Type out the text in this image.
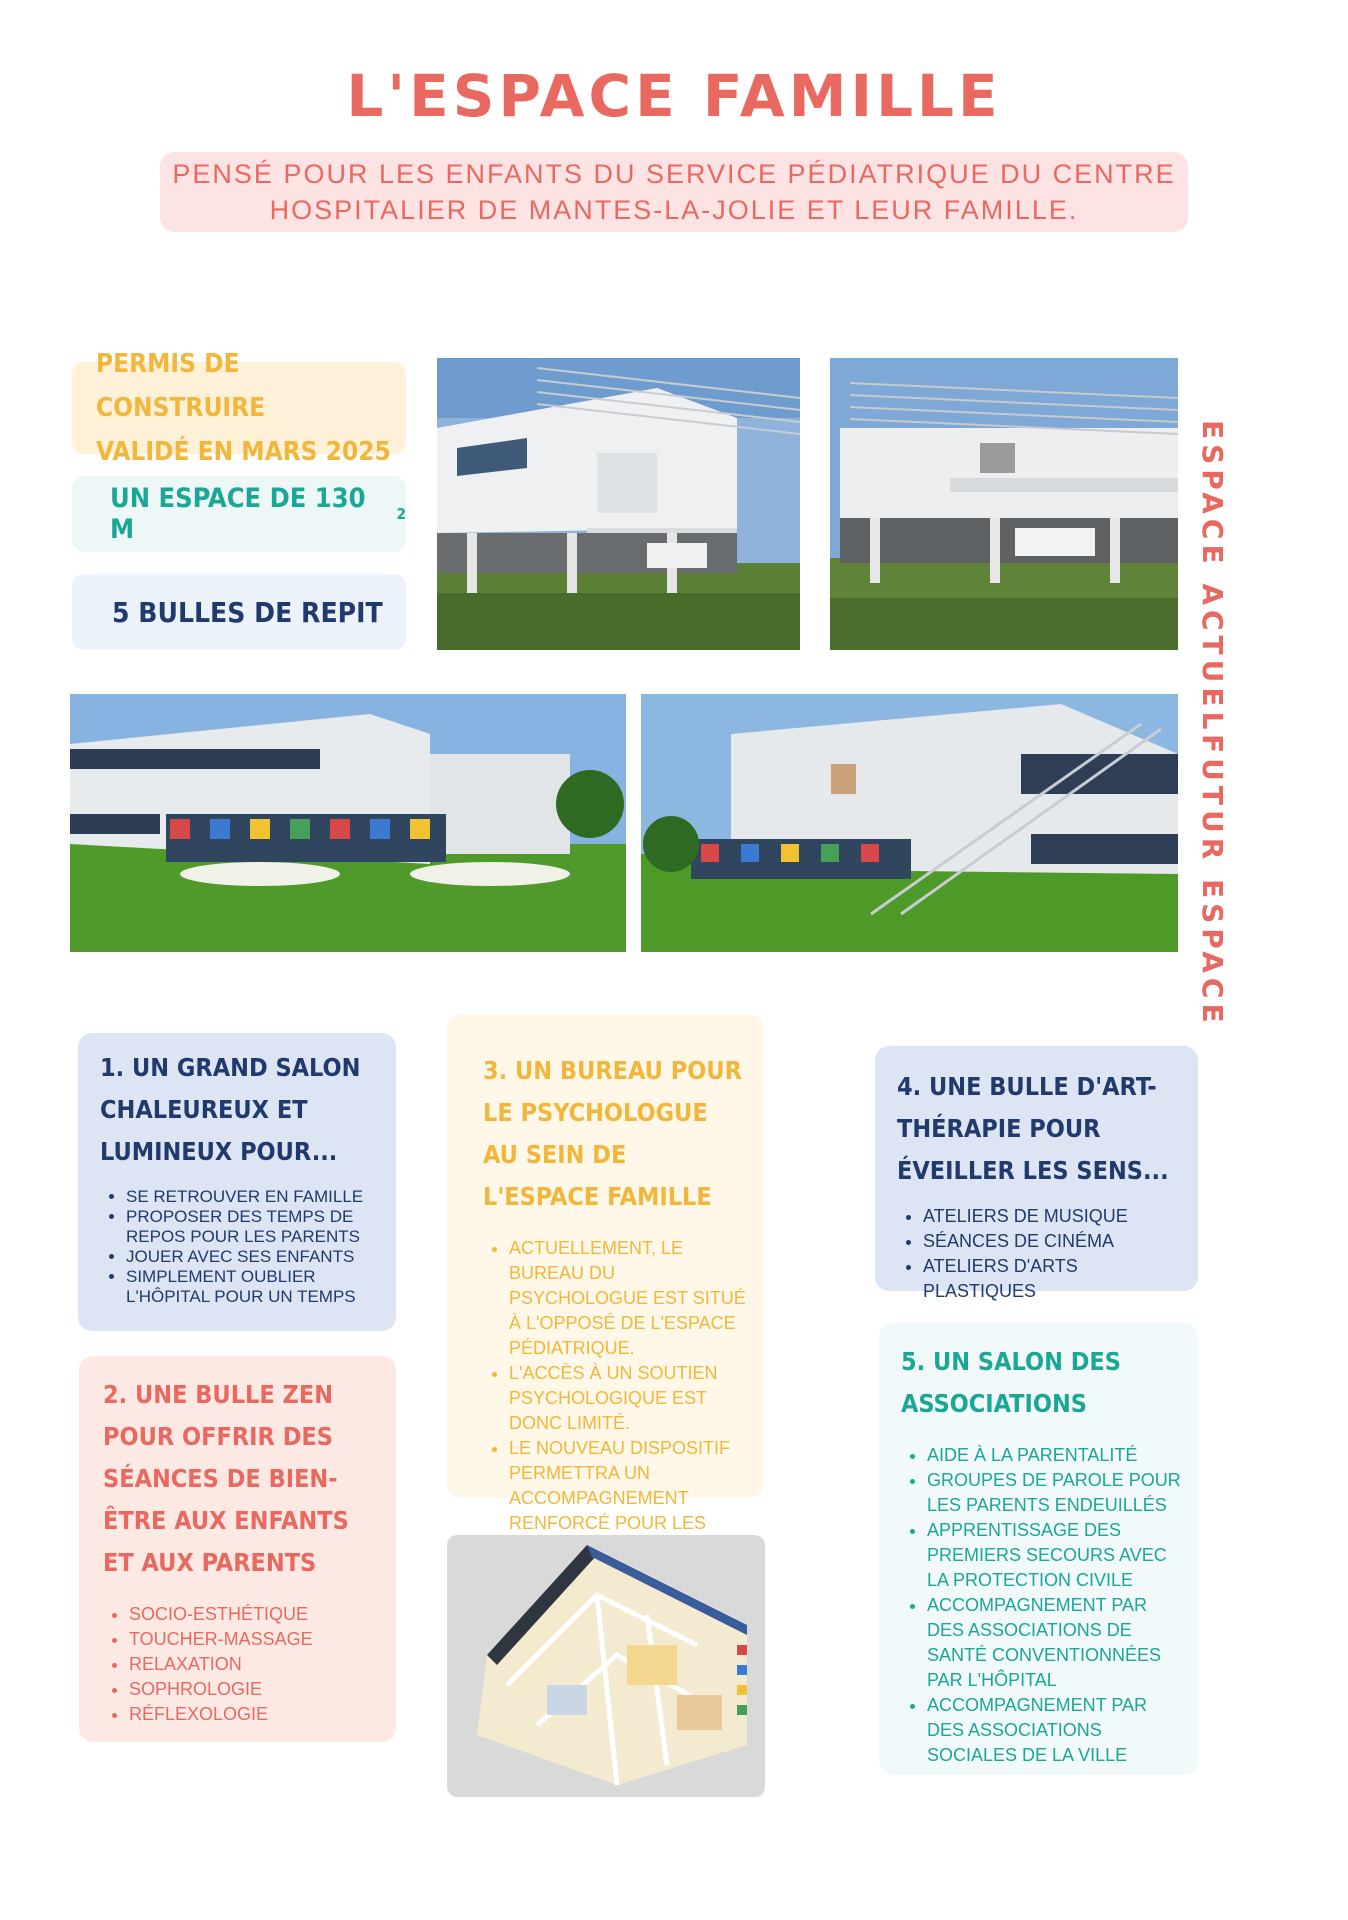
L'ESPACE FAMILLE
PENSÉ POUR LES ENFANTS DU SERVICE PÉDIATRIQUE DU CENTRE
HOSPITALIER DE MANTES-LA-JOLIE ET LEUR FAMILLE.
PERMIS DE CONSTRUIRE
VALIDÉ EN MARS 2025
UN ESPACE DE 130 M	2
5 BULLES DE REPIT	ESPACE ACTUEL
FUTUR ESPACE
1. UN GRAND SALON CHALEUREUX ET LUMINEUX POUR...
• SE RETROUVER EN FAMILLE
• PROPOSER DES TEMPS DE REPOS POUR LES PARENTS
• JOUER AVEC SES ENFANTS
• SIMPLEMENT OUBLIER L'HÔPITAL POUR UN TEMPS
2. UNE BULLE ZEN POUR OFFRIR DES SÉANCES DE BIEN-ÊTRE AUX ENFANTS ET AUX PARENTS
• SOCIO-ESTHÉTIQUE
• TOUCHER-MASSAGE
• RELAXATION
• SOPHROLOGIE
• RÉFLEXOLOGIE
3. UN BUREAU POUR LE PSYCHOLOGUE AU SEIN DE L'ESPACE FAMILLE
• ACTUELLEMENT, LE BUREAU DU PSYCHOLOGUE EST SITUÉ À L'OPPOSÉ DE L'ESPACE PÉDIATRIQUE.
• L'ACCÈS À UN SOUTIEN PSYCHOLOGIQUE EST DONC LIMITÉ.
• LE NOUVEAU DISPOSITIF PERMETTRA UN ACCOMPAGNEMENT RENFORCÉ POUR LES
4. UNE BULLE D'ART-THÉRAPIE POUR ÉVEILLER LES SENS...
• ATELIERS DE MUSIQUE
• SÉANCES DE CINÉMA
• ATELIERS D'ARTS PLASTIQUES
5. UN SALON DES ASSOCIATIONS
• AIDE À LA PARENTALITÉ
• GROUPES DE PAROLE POUR LES PARENTS ENDEUILLÉS
• APPRENTISSAGE DES PREMIERS SECOURS AVEC LA PROTECTION CIVILE
• ACCOMPAGNEMENT PAR DES ASSOCIATIONS DE SANTÉ CONVENTIONNÉES PAR L'HÔPITAL
• ACCOMPAGNEMENT PAR DES ASSOCIATIONS SOCIALES DE LA VILLE
